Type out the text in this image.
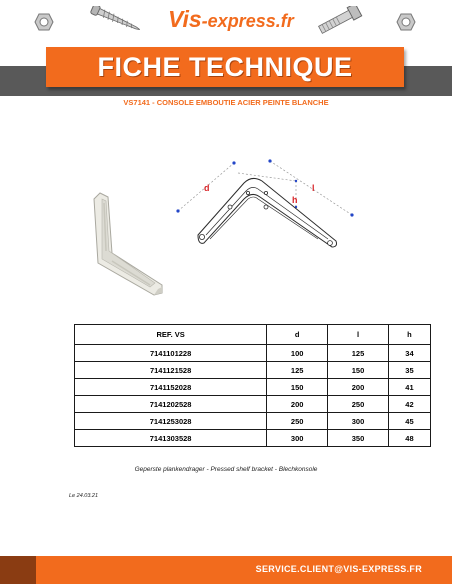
Vis-express.fr
FICHE TECHNIQUE
VS7141 - CONSOLE EMBOUTIE ACIER PEINTE BLANCHE
d
h
l
REF. VS	d	l	h
7141101228	100	125	34
7141121528	125	150	35
7141152028	150	200	41
7141202528	200	250	42
7141253028	250	300	45
7141303528	300	350	48
Geperste plankendrager - Pressed shelf bracket - Blechkonsole
Le 24.03.21
SERVICE.CLIENT@VIS-EXPRESS.FR
